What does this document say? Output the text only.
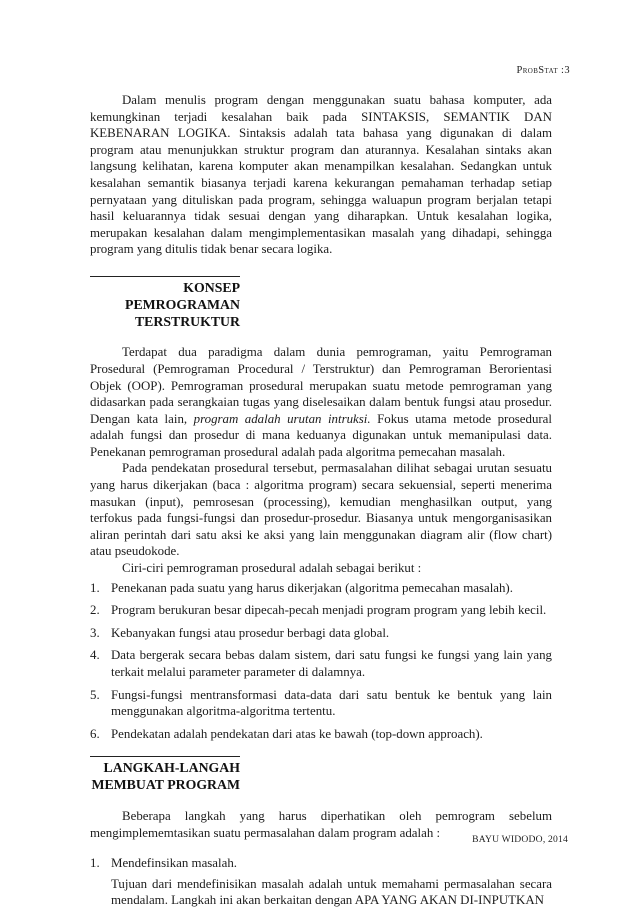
ProbStat :3

Dalam menulis program dengan menggunakan suatu bahasa komputer, ada kemungkinan terjadi kesalahan baik pada SINTAKSIS, SEMANTIK DAN KEBENARAN LOGIKA. Sintaksis adalah tata bahasa yang digunakan di dalam program atau menunjukkan struktur program dan aturannya. Kesalahan sintaks akan langsung kelihatan, karena komputer akan menampilkan kesalahan. Sedangkan untuk kesalahan semantik biasanya terjadi karena kekurangan pemahaman terhadap setiap pernyataan yang dituliskan pada program, sehingga waluapun program berjalan tetapi hasil keluarannya tidak sesuai dengan yang diharapkan. Untuk kesalahan logika, merupakan kesalahan dalam mengimplementasikan masalah yang dihadapi, sehingga program yang ditulis tidak benar secara logika.

KONSEP
PEMROGRAMAN
TERSTRUKTUR

Terdapat dua paradigma dalam dunia pemrograman, yaitu Pemrograman Prosedural (Pemrograman Procedural / Terstruktur) dan Pemrograman Berorientasi Objek (OOP). Pemrograman prosedural merupakan suatu metode pemrograman yang didasarkan pada serangkaian tugas yang diselesaikan dalam bentuk fungsi atau prosedur. Dengan kata lain, program adalah urutan intruksi. Fokus utama metode prosedural adalah fungsi dan prosedur di mana keduanya digunakan untuk memanipulasi data. Penekanan pemrograman prosedural adalah pada algoritma pemecahan masalah.

Pada pendekatan prosedural tersebut, permasalahan dilihat sebagai urutan sesuatu yang harus dikerjakan (baca : algoritma program) secara sekuensial, seperti menerima masukan (input), pemrosesan (processing), kemudian menghasilkan output, yang terfokus pada fungsi-fungsi dan prosedur-prosedur. Biasanya untuk mengorganisasikan aliran perintah dari satu aksi ke aksi yang lain menggunakan diagram alir (flow chart) atau pseudokode.

Ciri-ciri pemrograman prosedural adalah sebagai berikut :

1. Penekanan pada suatu yang harus dikerjakan (algoritma pemecahan masalah).
2. Program berukuran besar dipecah-pecah menjadi program program yang lebih kecil.
3. Kebanyakan fungsi atau prosedur berbagi data global.
4. Data bergerak secara bebas dalam sistem, dari satu fungsi ke fungsi yang lain yang terkait melalui parameter parameter di dalamnya.
5. Fungsi-fungsi mentransformasi data-data dari satu bentuk ke bentuk yang lain menggunakan algoritma-algoritma tertentu.
6. Pendekatan adalah pendekatan dari atas ke bawah (top-down approach).
LANGKAH-LANGAH
MEMBUAT PROGRAM

Beberapa langkah yang harus diperhatikan oleh pemrogram sebelum mengimplememtasikan suatu permasalahan dalam program adalah :

1. Mendefinsikan masalah.

Tujuan dari mendefinisikan masalah adalah untuk memahami permasalahan secara mendalam. Langkah ini akan berkaitan dengan APA YANG AKAN DI-INPUTKAN

BAYU WIDODO, 2014
